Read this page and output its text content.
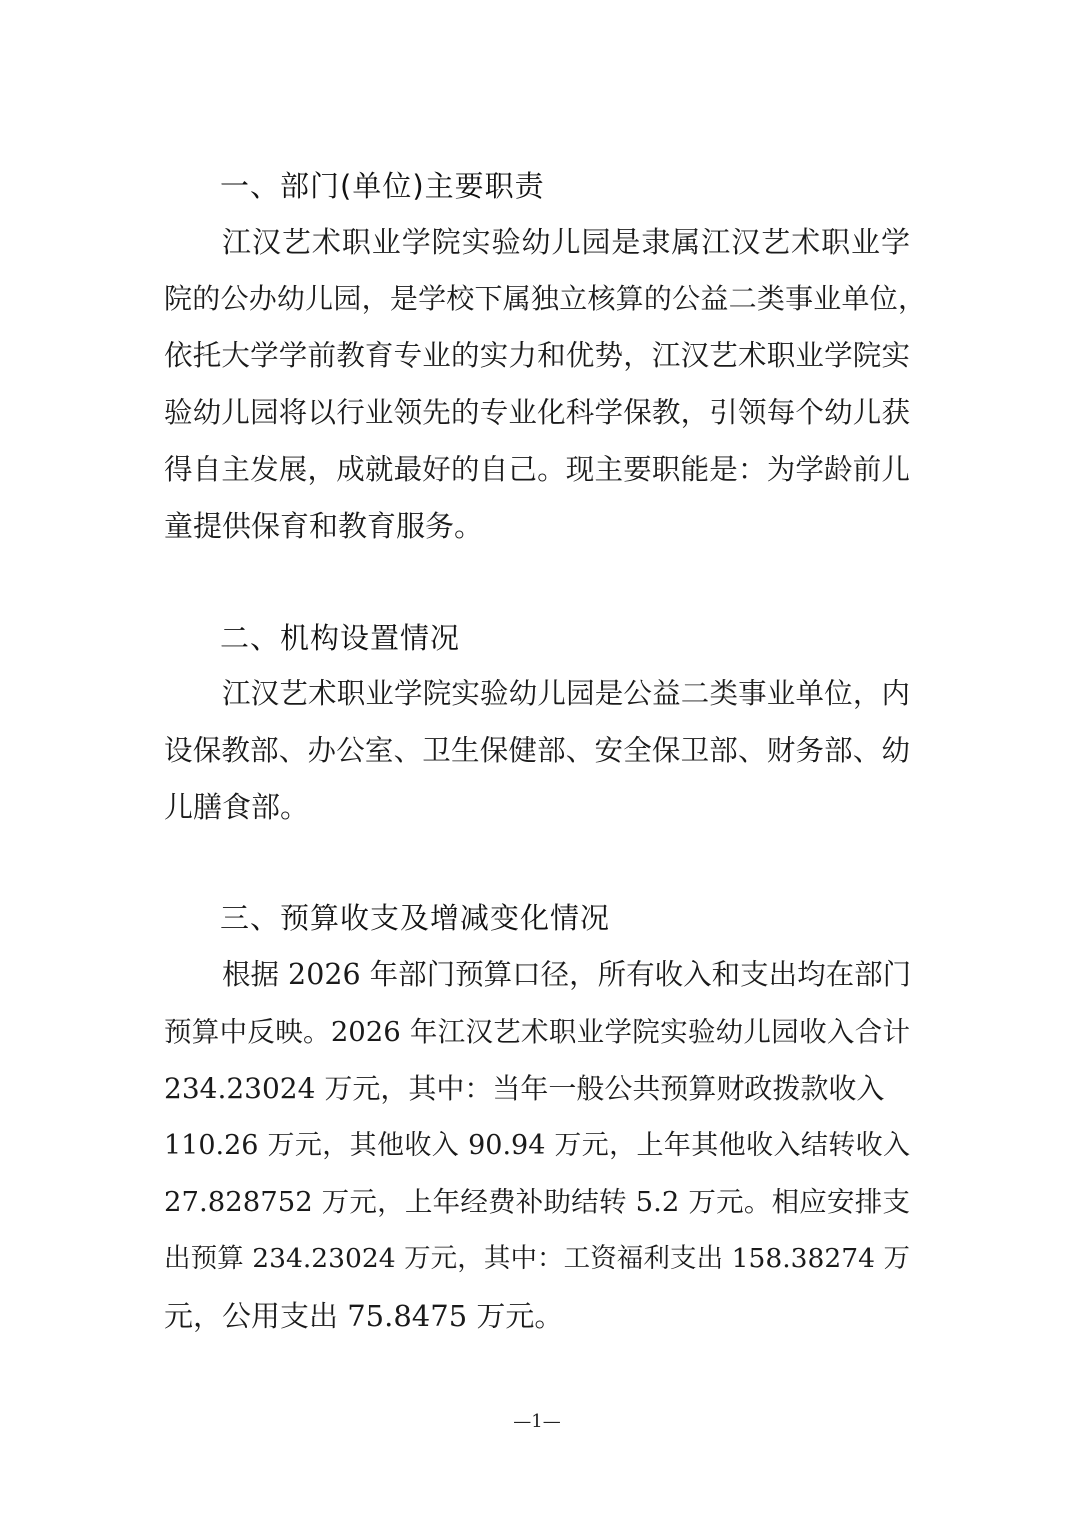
一、部门(单位)主要职责
江汉艺术职业学院实验幼儿园是隶属江汉艺术职业学
院的公办幼儿园，是学校下属独立核算的公益二类事业单位，
依托大学学前教育专业的实力和优势，江汉艺术职业学院实
验幼儿园将以行业领先的专业化科学保教，引领每个幼儿获
得自主发展，成就最好的自己。现主要职能是：为学龄前儿
童提供保育和教育服务。
二、机构设置情况
江汉艺术职业学院实验幼儿园是公益二类事业单位，内
设保教部、办公室、卫生保健部、安全保卫部、财务部、幼
儿膳食部。
三、预算收支及增减变化情况
根据 2026 年部门预算口径，所有收入和支出均在部门
预算中反映。2026 年江汉艺术职业学院实验幼儿园收入合计
234.23024 万元，其中：当年一般公共预算财政拨款收入
110.26 万元，其他收入 90.94 万元，上年其他收入结转收入
27.828752 万元，上年经费补助结转 5.2 万元。相应安排支
出预算 234.23024 万元，其中：工资福利支出 158.38274 万
元，公用支出 75.8475 万元。
—1—
